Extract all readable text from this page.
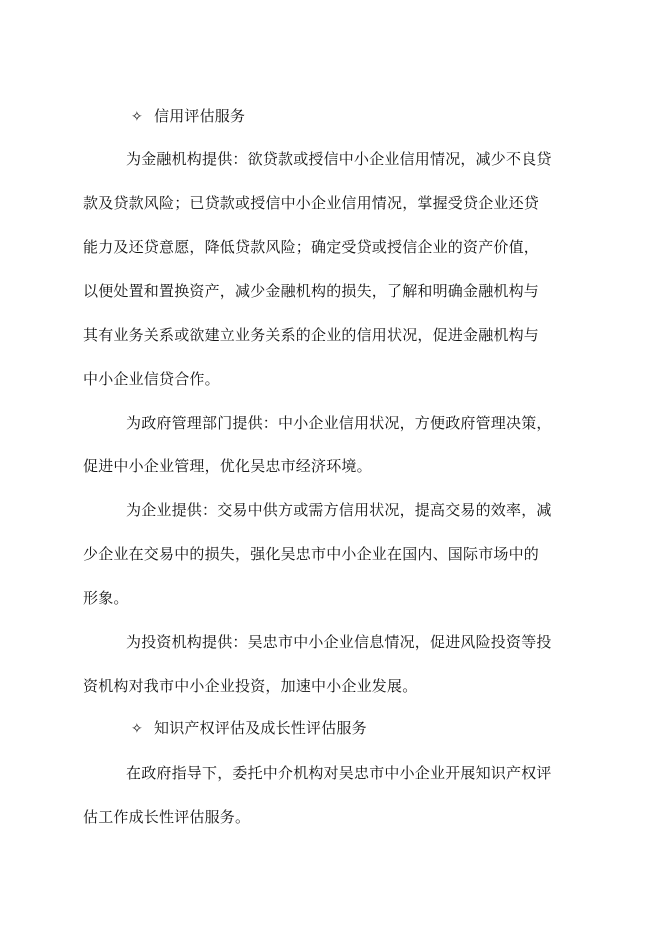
✧ 信用评估服务
为金融机构提供：欲贷款或授信中小企业信用情况，减少不良贷
款及贷款风险；已贷款或授信中小企业信用情况，掌握受贷企业还贷
能力及还贷意愿，降低贷款风险；确定受贷或授信企业的资产价值，
以便处置和置换资产，减少金融机构的损失，了解和明确金融机构与
其有业务关系或欲建立业务关系的企业的信用状况，促进金融机构与
中小企业信贷合作。
为政府管理部门提供：中小企业信用状况，方便政府管理决策，
促进中小企业管理，优化吴忠市经济环境。
为企业提供：交易中供方或需方信用状况，提高交易的效率，减
少企业在交易中的损失，强化吴忠市中小企业在国内、国际市场中的
形象。
为投资机构提供：吴忠市中小企业信息情况，促进风险投资等投
资机构对我市中小企业投资，加速中小企业发展。
✧ 知识产权评估及成长性评估服务
在政府指导下，委托中介机构对吴忠市中小企业开展知识产权评
估工作成长性评估服务。
